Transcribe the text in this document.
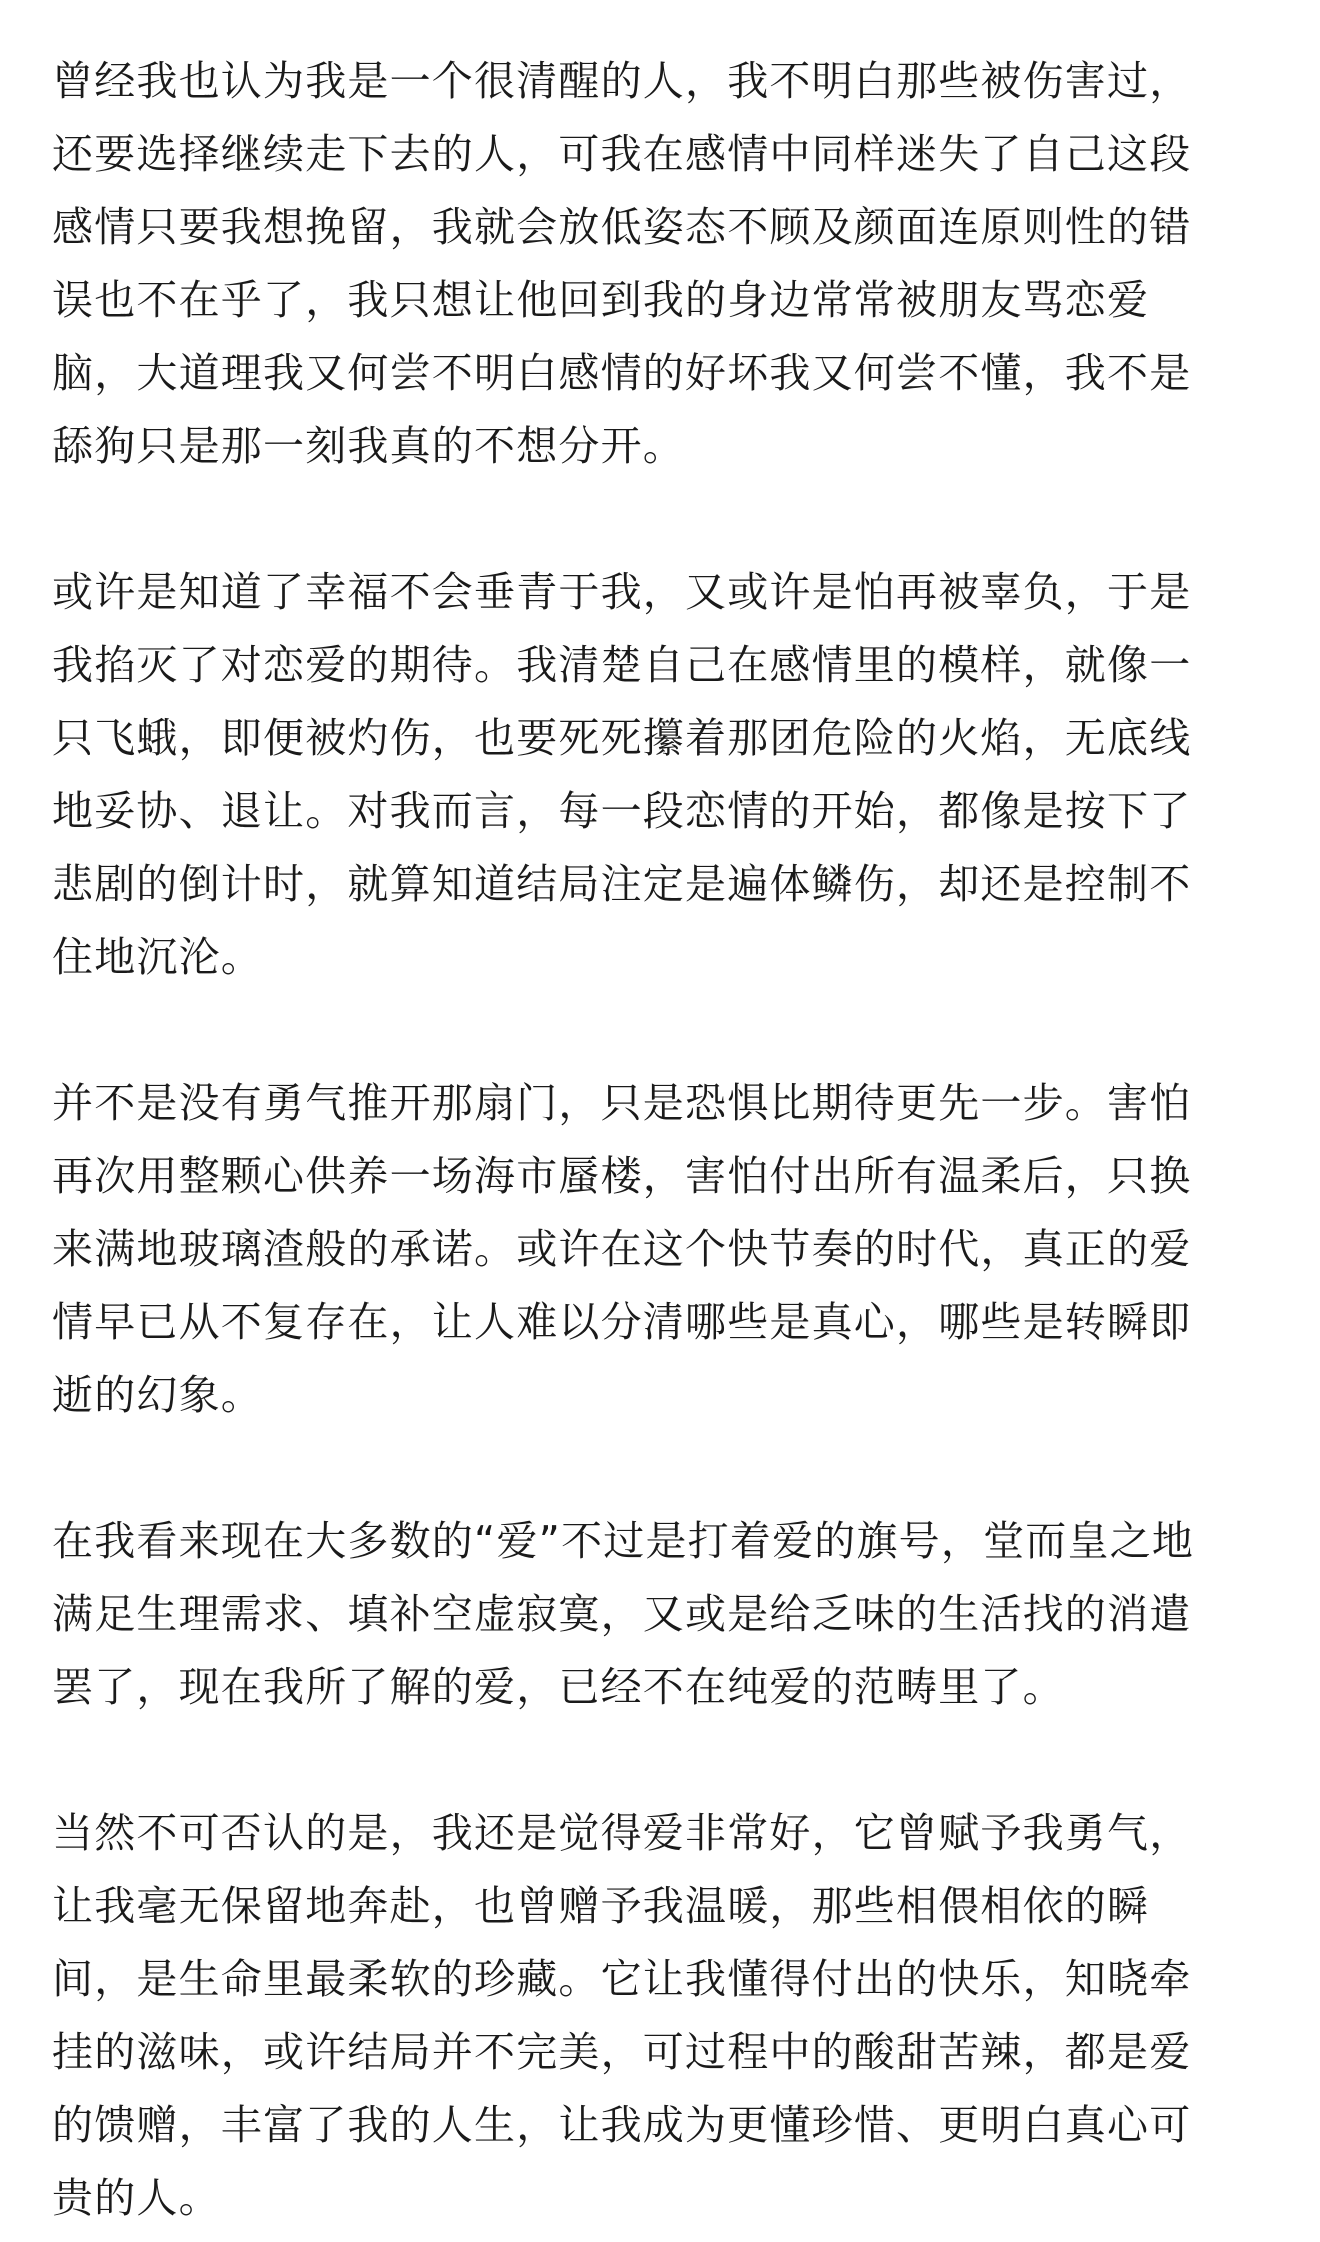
曾经我也认为我是一个很清醒的人，我不明白那些被伤害过，
还要选择继续走下去的人，可我在感情中同样迷失了自己这段
感情只要我想挽留，我就会放低姿态不顾及颜面连原则性的错
误也不在乎了，我只想让他回到我的身边常常被朋友骂恋爱
脑，大道理我又何尝不明白感情的好坏我又何尝不懂，我不是
舔狗只是那一刻我真的不想分开。

或许是知道了幸福不会垂青于我，又或许是怕再被辜负，于是
我掐灭了对恋爱的期待。我清楚自己在感情里的模样，就像一
只飞蛾，即便被灼伤，也要死死攥着那团危险的火焰，无底线
地妥协、退让。对我而言，每一段恋情的开始，都像是按下了
悲剧的倒计时，就算知道结局注定是遍体鳞伤，却还是控制不
住地沉沦。

并不是没有勇气推开那扇门，只是恐惧比期待更先一步。害怕
再次用整颗心供养一场海市蜃楼，害怕付出所有温柔后，只换
来满地玻璃渣般的承诺。或许在这个快节奏的时代，真正的爱
情早已从不复存在，让人难以分清哪些是真心，哪些是转瞬即
逝的幻象。

在我看来现在大多数的“爱”不过是打着爱的旗号，堂而皇之地
满足生理需求、填补空虚寂寞，又或是给乏味的生活找的消遣
罢了，现在我所了解的爱，已经不在纯爱的范畴里了。

当然不可否认的是，我还是觉得爱非常好，它曾赋予我勇气，
让我毫无保留地奔赴，也曾赠予我温暖，那些相偎相依的瞬
间，是生命里最柔软的珍藏。它让我懂得付出的快乐，知晓牵
挂的滋味，或许结局并不完美，可过程中的酸甜苦辣，都是爱
的馈赠，丰富了我的人生，让我成为更懂珍惜、更明白真心可
贵的人。
